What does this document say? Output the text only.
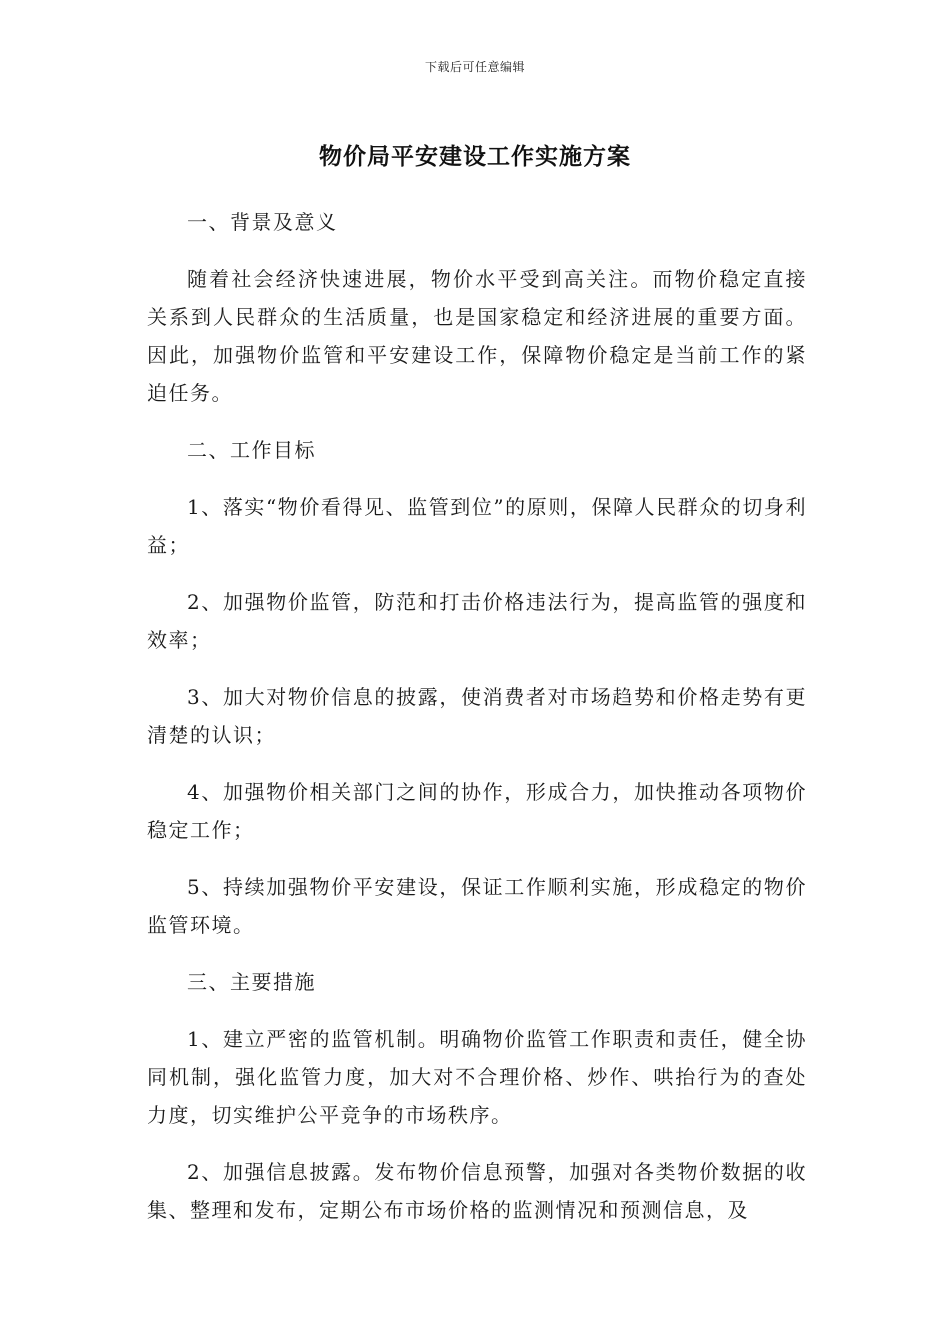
下载后可任意编辑
物价局平安建设工作实施方案

一、背景及意义

随着社会经济快速进展，物价水平受到高关注。而物价稳定直接关系到人民群众的生活质量，也是国家稳定和经济进展的重要方面。因此，加强物价监管和平安建设工作，保障物价稳定是当前工作的紧迫任务。

二、工作目标

1、落实“物价看得见、监管到位”的原则，保障人民群众的切身利益；

2、加强物价监管，防范和打击价格违法行为，提高监管的强度和效率；

3、加大对物价信息的披露，使消费者对市场趋势和价格走势有更清楚的认识；

4、加强物价相关部门之间的协作，形成合力，加快推动各项物价稳定工作；

5、持续加强物价平安建设，保证工作顺利实施，形成稳定的物价监管环境。

三、主要措施

1、建立严密的监管机制。明确物价监管工作职责和责任，健全协同机制，强化监管力度，加大对不合理价格、炒作、哄抬行为的查处力度，切实维护公平竞争的市场秩序。

2、加强信息披露。发布物价信息预警，加强对各类物价数据的收集、整理和发布，定期公布市场价格的监测情况和预测信息，及
